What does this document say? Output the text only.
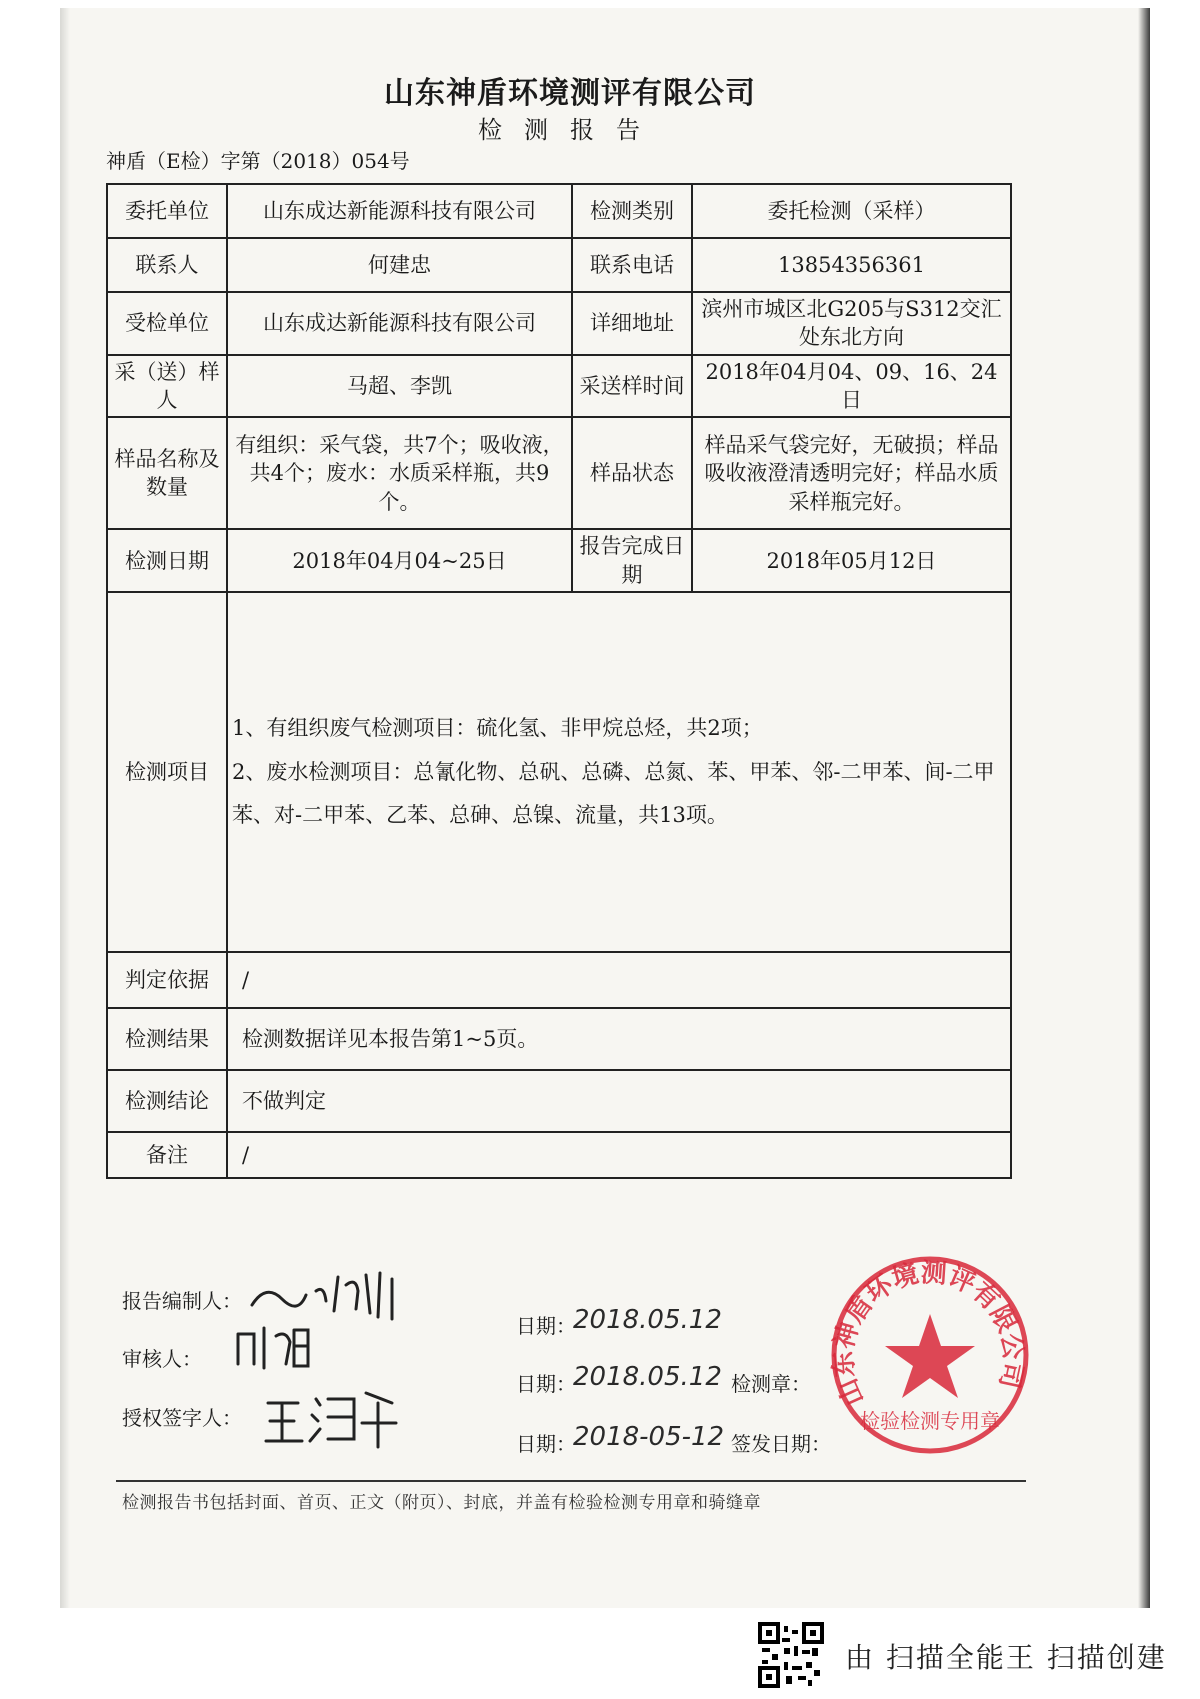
山东神盾环境测评有限公司
检测报告
神盾（E检）字第（2018）054号
委托单位	山东成达新能源科技有限公司	检测类别	委托检测（采样）
联系人	何建忠	联系电话	13854356361
受检单位	山东成达新能源科技有限公司	详细地址	滨州市城区北G205与S312交汇处东北方向
采（送）样人	马超、李凯	采送样时间	2018年04月04、09、16、24日
样品名称及数量	有组织：采气袋，共7个；吸收液，共4个；废水：水质采样瓶，共9个。	样品状态	样品采气袋完好，无破损；样品吸收液澄清透明完好；样品水质采样瓶完好。
检测日期	2018年04月04~25日	报告完成日期	2018年05月12日
检测项目	1、有组织废气检测项目：硫化氢、非甲烷总烃，共2项；
2、废水检测项目：总氰化物、总矾、总磷、总氮、苯、甲苯、邻-二甲苯、间-二甲苯、对-二甲苯、乙苯、总砷、总镍、流量，共13项。		

判定依据	/		
检测结果	检测数据详见本报告第1~5页。		
检测结论	不做判定		
备注	/		
报告编制人：
审核人：
授权签字人：
日期：
2018.05.12
日期：
2018.05.12
日期：
2018-05-12
检测章：
签发日期：
山东神盾环境测评有限公司
检验检测专用章
检测报告书包括封面、首页、正文（附页）、封底，并盖有检验检测专用章和骑缝章
由 扫描全能王 扫描创建
